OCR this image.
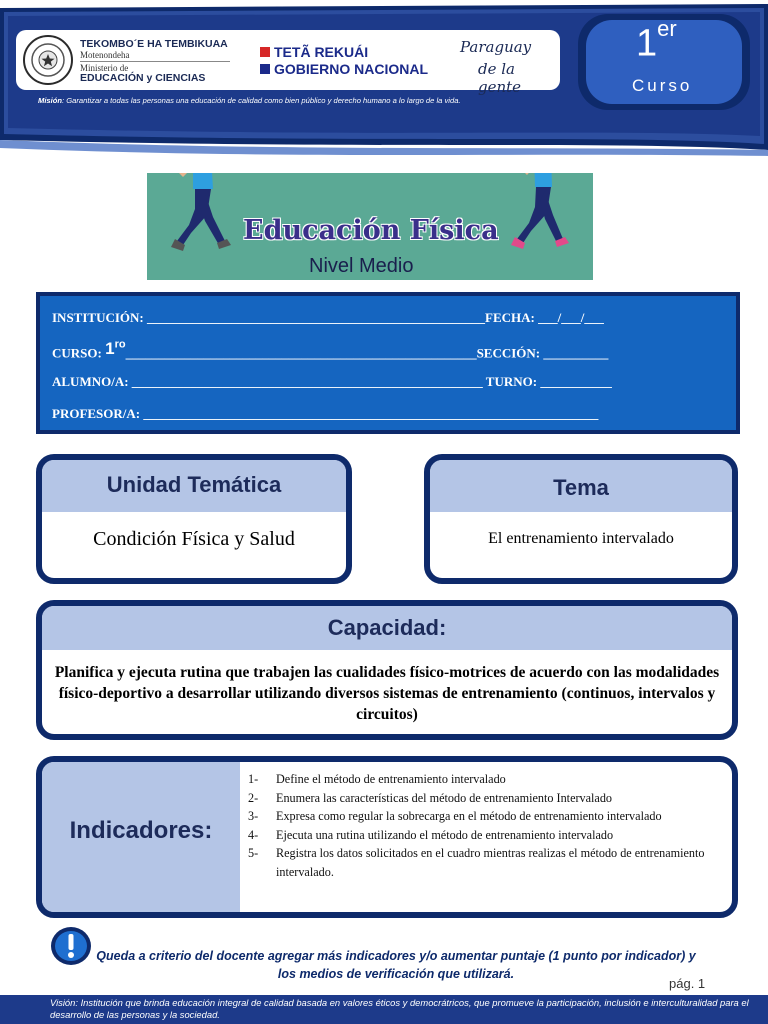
TEKOMBO´E HA TEMBIKUAA
Motenondeha
Ministerio de
EDUCACIÓN y CIENCIAS
TETÃ REKUÁI
GOBIERNO NACIONAL
Paraguay
de la gente
Misión: Garantizar a todas las personas una educación de calidad como bien público y derecho humano a lo largo de la vida.
1er
Curso
Educación Física
Nivel Medio
INSTITUCIÓN: ____________________________________________________FECHA: ___/___/___
CURSO: $1^{ro}\_\_\_\_\_\_\_\_\_\_\_\_\_\_\_\_\_\_\_\_\_\_\_\_\_\_\_\_\_\_\_\_\_\_\_\_\_\_\_\_\_\_\_\_\_\_\_\_\_\_\_\_\_\_SECCIÓN$: __________
ALUMNO/A: ______________________________________________________ TURNO: ___________
PROFESOR/A: ______________________________________________________________________
Unidad Temática
Condición Física y Salud
Tema
El entrenamiento intervalado
Capacidad:
Planifica y ejecuta rutina que trabajen las cualidades físico-motrices de acuerdo con las modalidades físico-deportivo a desarrollar utilizando diversos sistemas de entrenamiento (continuos, intervalos y circuitos)
Indicadores:
1- Define el método de entrenamiento intervalado
2- Enumera las características del método de entrenamiento Intervalado
3- Expresa como regular la sobrecarga en el método de entrenamiento intervalado
4- Ejecuta una rutina utilizando el método de entrenamiento intervalado
5- Registra los datos solicitados en el cuadro mientras realizas el método de entrenamiento intervalado.
Queda a criterio del docente agregar más indicadores y/o aumentar puntaje (1 punto por indicador) y los medios de verificación que utilizará.
pág. 1
Visión: Institución que brinda educación integral de calidad basada en valores éticos y democrátricos, que promueve la participación, inclusión e interculturalidad para el desarrollo de las personas y la sociedad.
